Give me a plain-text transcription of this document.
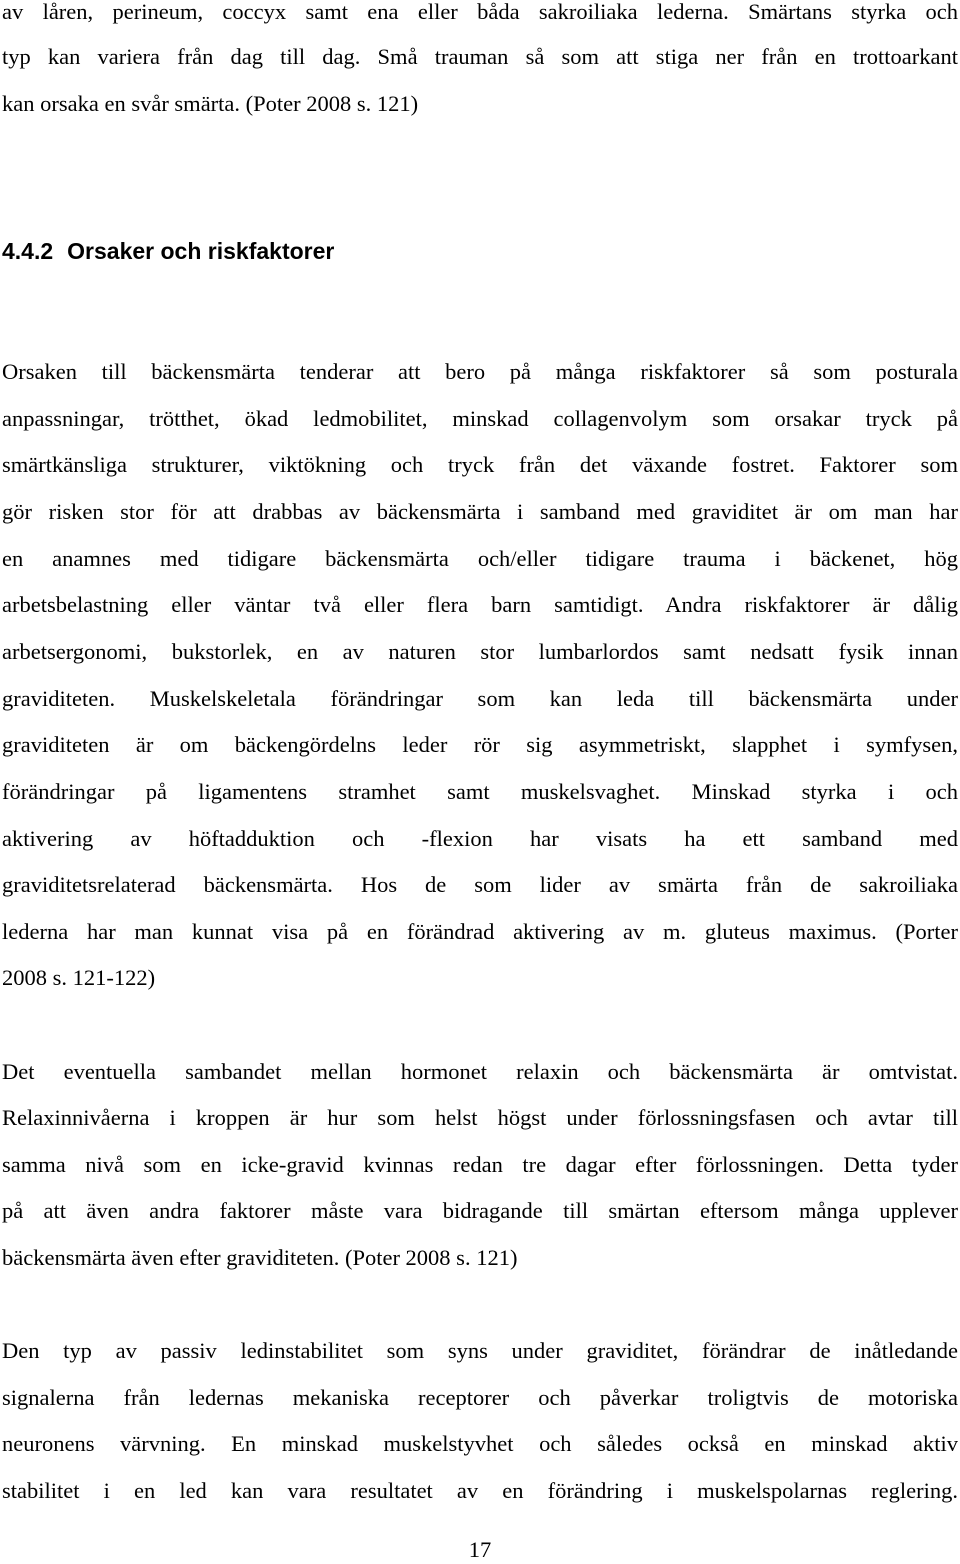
av låren, perineum, coccyx samt ena eller båda sakroiliaka lederna. Smärtans styrka och
typ kan variera från dag till dag. Små trauman så som att stiga ner från en trottoarkant
kan orsaka en svår smärta. (Poter 2008 s. 121)
4.4.2 Orsaker och riskfaktorer
Orsaken till bäckensmärta tenderar att bero på många riskfaktorer så som posturala
anpassningar, trötthet, ökad ledmobilitet, minskad collagenvolym som orsakar tryck på
smärtkänsliga strukturer, viktökning och tryck från det växande fostret. Faktorer som
gör risken stor för att drabbas av bäckensmärta i samband med graviditet är om man har
en anamnes med tidigare bäckensmärta och/eller tidigare trauma i bäckenet, hög
arbetsbelastning eller väntar två eller flera barn samtidigt. Andra riskfaktorer är dålig
arbetsergonomi, bukstorlek, en av naturen stor lumbarlordos samt nedsatt fysik innan
graviditeten. Muskelskeletala förändringar som kan leda till bäckensmärta under
graviditeten är om bäckengördelns leder rör sig asymmetriskt, slapphet i symfysen,
förändringar på ligamentens stramhet samt muskelsvaghet. Minskad styrka i och
aktivering av höftadduktion och -flexion har visats ha ett samband med
graviditetsrelaterad bäckensmärta. Hos de som lider av smärta från de sakroiliaka
lederna har man kunnat visa på en förändrad aktivering av m. gluteus maximus. (Porter
2008 s. 121-122)
Det eventuella sambandet mellan hormonet relaxin och bäckensmärta är omtvistat.
Relaxinnivåerna i kroppen är hur som helst högst under förlossningsfasen och avtar till
samma nivå som en icke-gravid kvinnas redan tre dagar efter förlossningen. Detta tyder
på att även andra faktorer måste vara bidragande till smärtan eftersom många upplever
bäckensmärta även efter graviditeten. (Poter 2008 s. 121)
Den typ av passiv ledinstabilitet som syns under graviditet, förändrar de inåtledande
signalerna från ledernas mekaniska receptorer och påverkar troligtvis de motoriska
neuronens värvning. En minskad muskelstyvhet och således också en minskad aktiv
stabilitet i en led kan vara resultatet av en förändring i muskelspolarnas reglering.
17
